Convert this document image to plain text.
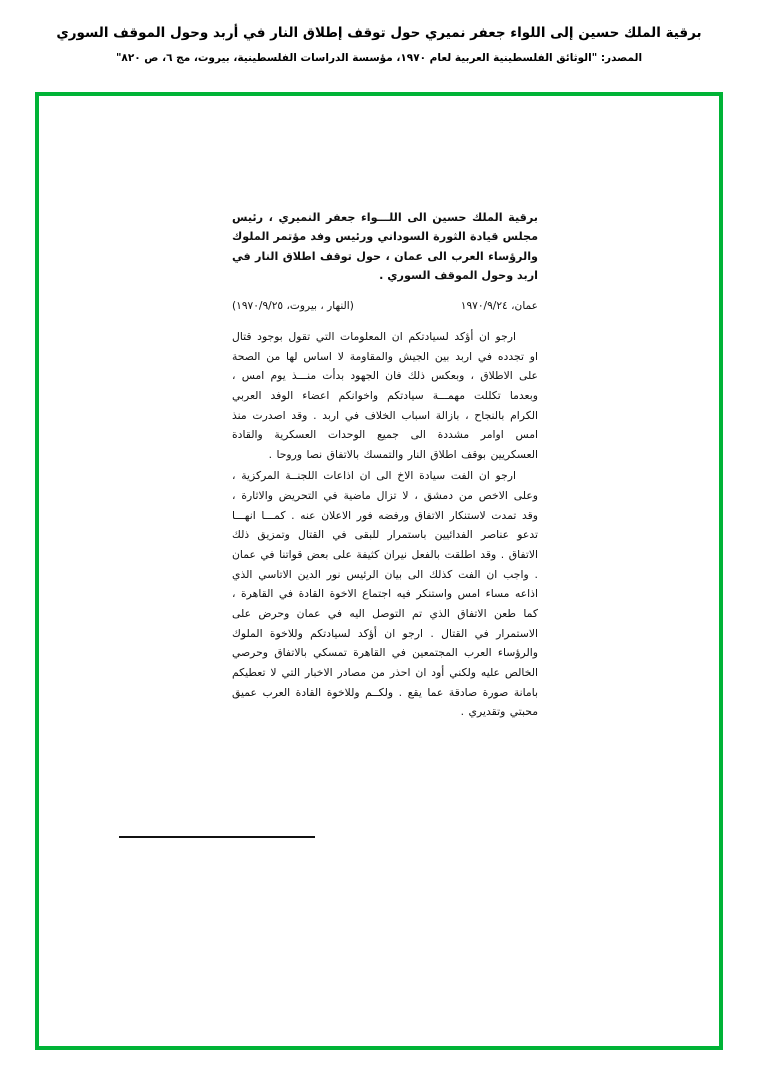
برقية الملك حسين إلى اللواء جعفر نميري حول توقف إطلاق النار في أربد وحول الموقف السوري
المصدر: "الوثائق الفلسطينية العربية لعام ١٩٧٠، مؤسسة الدراسات الفلسطينية، بيروت، مج ٦، ص ٨٢٠"
برقية الملك حسين الى اللـــواء جعفر النميري ، رئيس مجلس قيادة الثورة السوداني ورئيس وفد مؤتمر الملوك والرؤساء العرب الى عمان ، حول توقف اطلاق النار في اربد وحول الموقف السوري .
عمان، ١٩٧٠/٩/٢٤
(النهار ، بيروت، ١٩٧٠/٩/٢٥)

ارجو ان أؤكد لسيادتكم ان المعلومات التي تقول بوجود قتال او تجدده في اربد بين الجيش والمقاومة لا اساس لها من الصحة على الاطلاق ، وبعكس ذلك فان الجهود بدأت منـــذ يوم امس ، وبعدما تكللت مهمـــة سيادتكم واخوانكم اعضاء الوفد العربي الكرام بالنجاح ، بازالة اسباب الخلاف في اربد . وقد اصدرت منذ امس اوامر مشددة الى جميع الوحدات العسكرية والقادة العسكريين بوقف اطلاق النار والتمسك بالاتفاق نصا وروحا .

ارجو ان الفت سيادة الاخ الى ان اذاعات اللجنــة المركزية ، وعلى الاخص من دمشق ، لا تزال ماضية في التحريض والاثارة ، وقد تمدت لاستنكار الاتفاق ورفضه فور الاعلان عنه . كمـــا انهـــا تدعو عناصر الفدائيين باستمرار للبقى في القتال وتمزيق ذلك الاتفاق . وقد اطلقت بالفعل نيران كثيفة على بعض قواتنا في عمان . واجب ان الفت كذلك الى بيان الرئيس نور الدين الاتاسي الذي اذاعه مساء امس واستنكر فيه اجتماع الاخوة القادة في القاهرة ، كما طعن الاتفاق الذي تم التوصل اليه في عمان وحرض على الاستمرار في القتال . ارجو ان أؤكد لسيادتكم وللاخوة الملوك والرؤساء العرب المجتمعين في القاهرة تمسكي بالاتفاق وحرصي الخالص عليه ولكني أود ان احذر من مصادر الاخبار التي لا تعطيكم بامانة صورة صادقة عما يقع . ولكــم وللاخوة القادة العرب عميق محبتي وتقديري .
